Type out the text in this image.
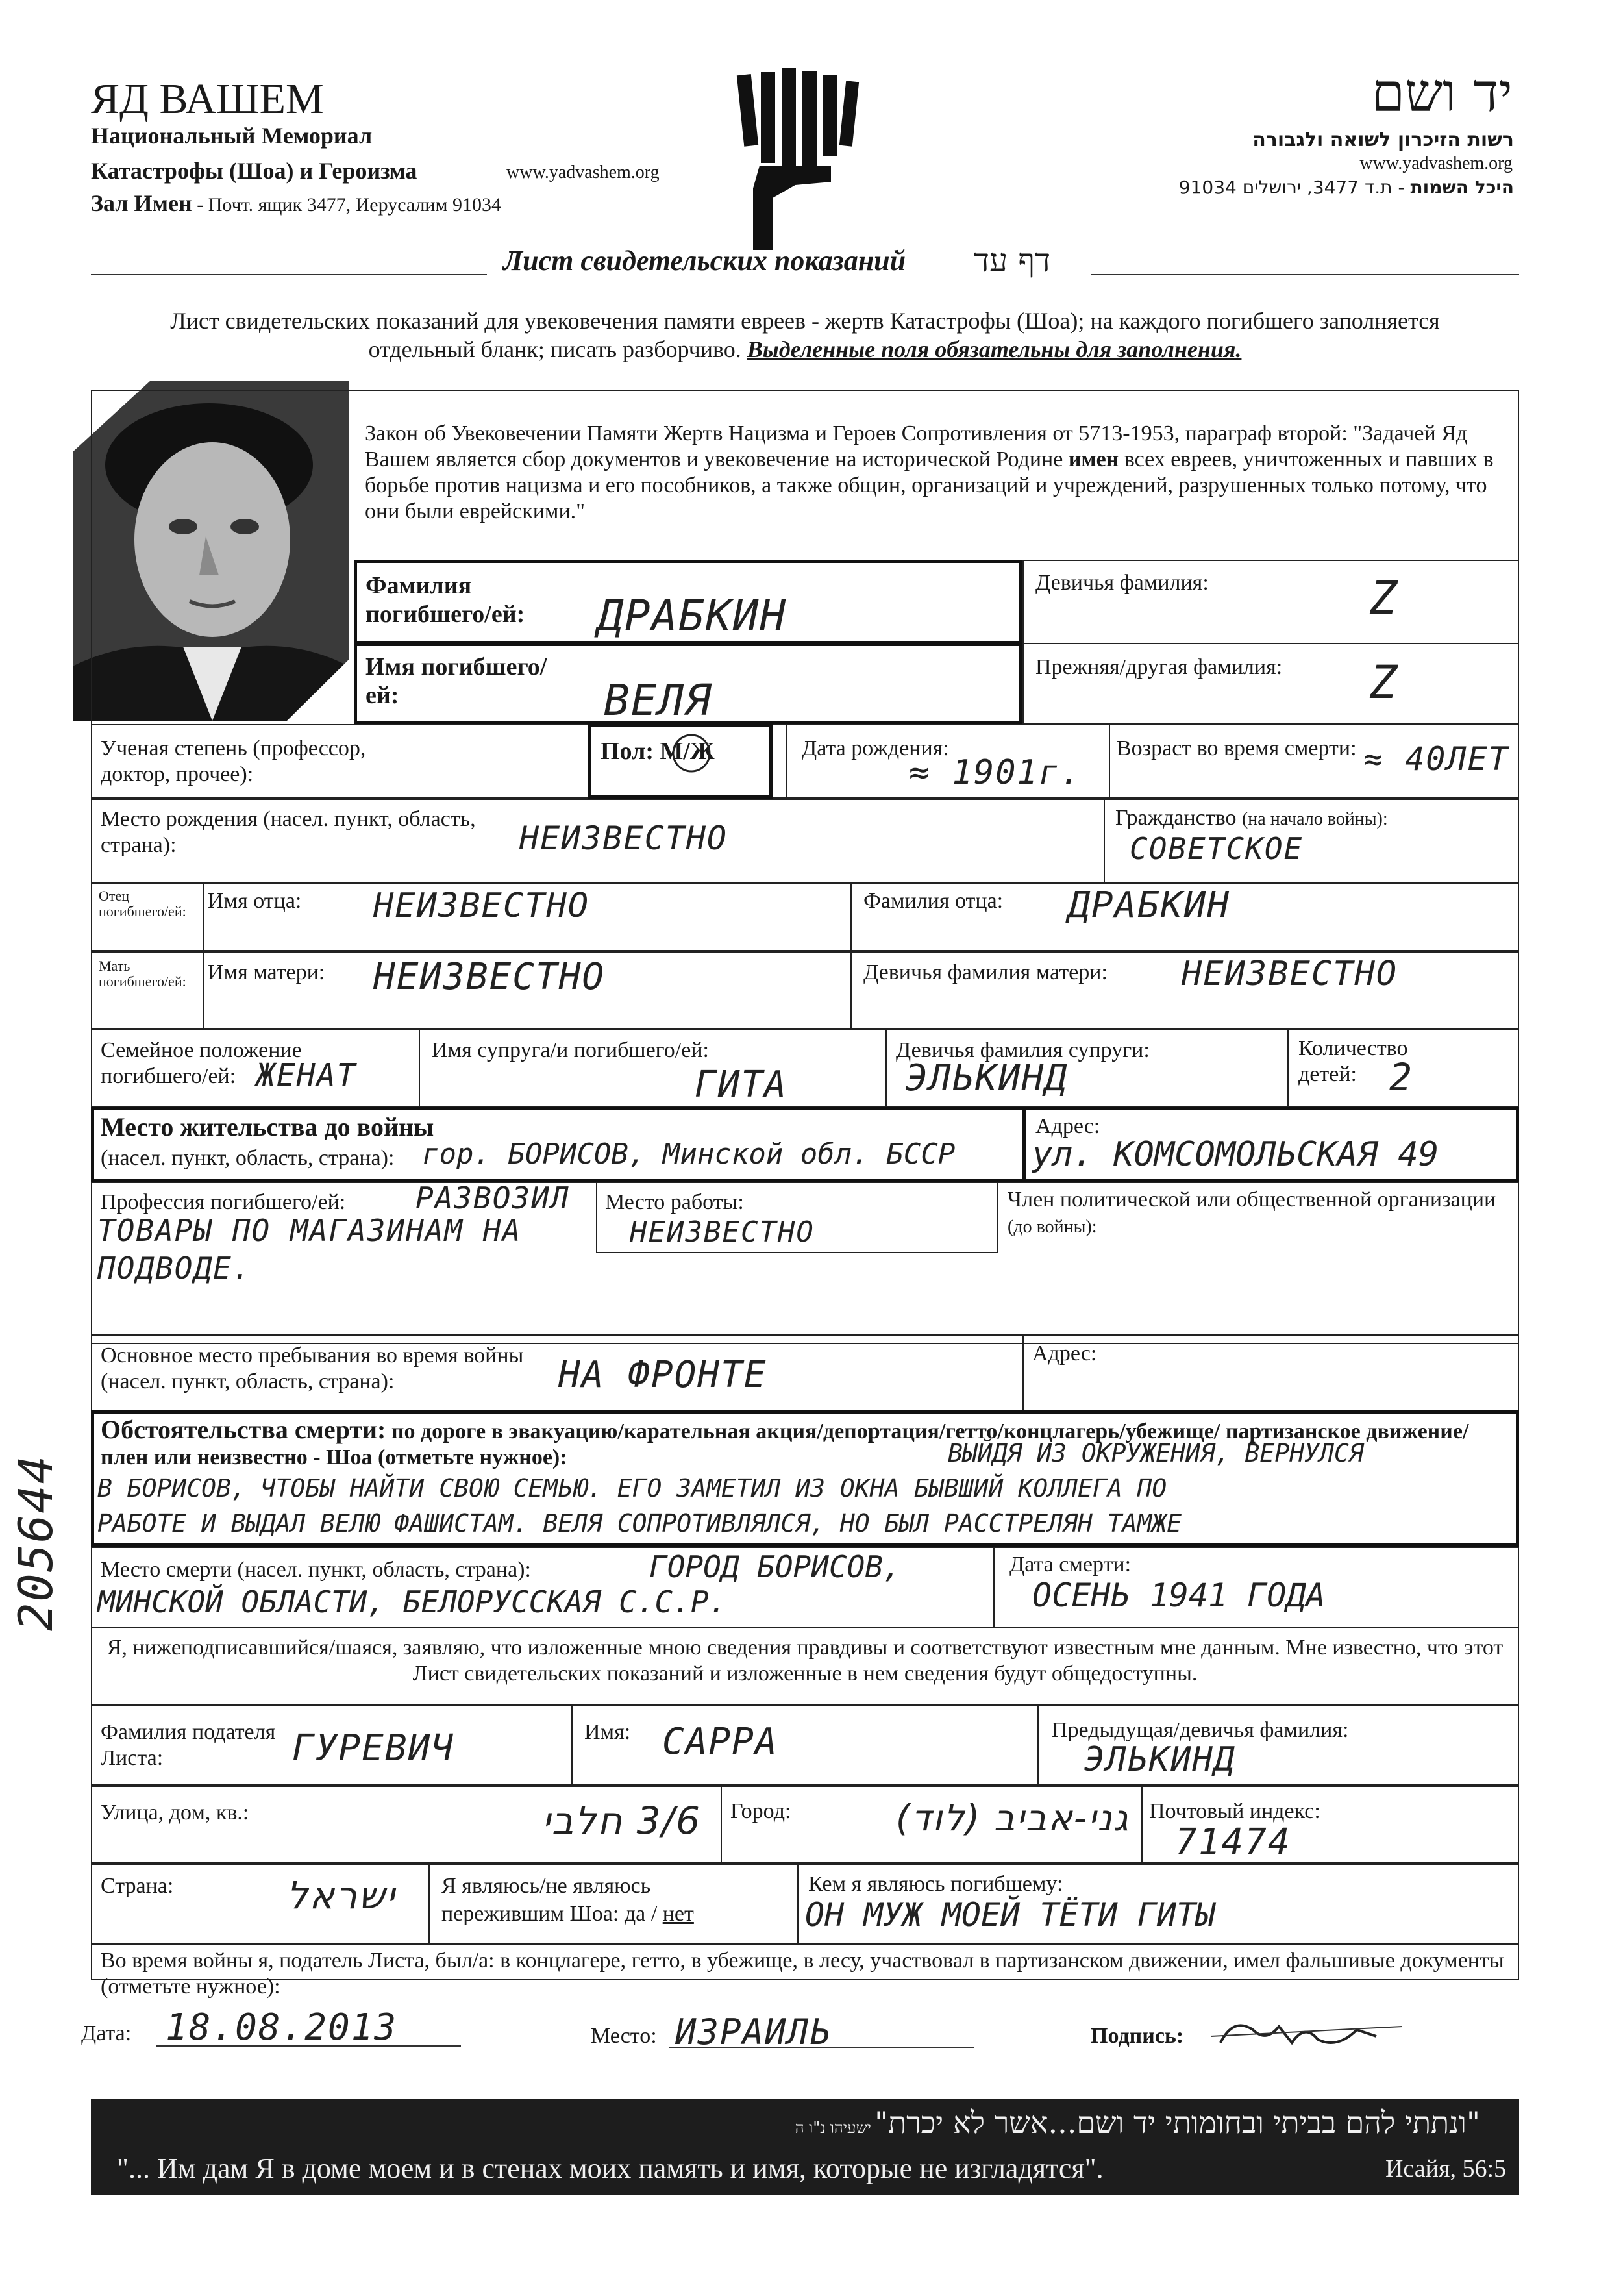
ЯД ВАШЕМ
Национальный Мемориал
Катастрофы (Шоа) и Героизма	www.yadvashem.org
Зал Имен - Почт. ящик 3477, Иерусалим 91034
יד ושם
רשות הזיכרון לשואה ולגבורה
www.yadvashem.org
היכל השמות - ת.ד 3477, ירושלים 91034
Лист свидетельских показаний דף עד
Лист свидетельских показаний для увековечения памяти евреев - жертв Катастрофы (Шоа); на каждого погибшего заполняется отдельный бланк; писать разборчиво. Выделенные поля обязательны для заполнения.
Закон об Увековечении Памяти Жертв Нацизма и Героев Сопротивления от 5713-1953, параграф второй: "Задачей Яд Вашем является сбор документов и увековечение на исторической Родине имен всех евреев, уничтоженных и павших в борьбе против нацизма и его пособников, а также общин, организаций и учреждений, разрушенных только потому, что они были еврейскими."
Фамилия погибшего/ей:	ДРАБКИН
Девичья фамилия:	Z
Имя погибшего/ей:	ВЕЛЯ
Прежняя/другая фамилия: Z
Ученая степень (профессор, доктор, прочее):
Пол: М/Ж	Дата рождения:
≈ 1901г.
Возраст во время смерти: ≈ 40ЛЕТ
Место рождения (насел. пункт, область, страна):	НЕИЗВЕСТНО
Гражданство (на начало войны):
СОВЕТСКОЕ
Отец погибшего/ей: Имя отца: НЕИЗВЕСТНО	Фамилия отца: ДРАБКИН
Мать погибшего/ей: Имя матери: НЕИЗВЕСТНО	Девичья фамилия матери: НЕИЗВЕСТНО
Семейное положение погибшего/ей: ЖЕНАТ
Имя супруга/и погибшего/ей:
ГИТА
Девичья фамилия супруги:
ЭЛЬКИНД
Количество детей: 2
Место жительства до войны
(насел. пункт, область, страна): гор. БОРИСОВ, Минской обл. БССР
Адрес:
ул. КОМСОМОЛЬСКАЯ 49
Профессия погибшего/ей: РАЗВОЗИЛ
ТОВАРЫ ПО МАГАЗИНАМ НА
ПОДВОДЕ.
Место работы:
НЕИЗВЕСТНО
Член политической или общественной организации (до войны):
Основное место пребывания во время войны (насел. пункт, область, страна):	НА ФРОНТЕ
Адрес:
Обстоятельства смерти: по дороге в эвакуацию/карательная акция/депортация/гетто/концлагерь/убежище/ партизанское движение/плен или неизвестно - Шоа (отметьте нужное):	ВЫЙДЯ ИЗ ОКРУЖЕНИЯ, ВЕРНУЛСЯ
В БОРИСОВ, ЧТОБЫ НАЙТИ СВОЮ СЕМЬЮ. ЕГО ЗАМЕТИЛ ИЗ ОКНА БЫВШИЙ КОЛЛЕГА ПО
РАБОТЕ И ВЫДАЛ ВЕЛЮ ФАШИСТАМ. ВЕЛЯ СОПРОТИВЛЯЛСЯ, НО БЫЛ РАССТРЕЛЯН ТАМЖЕ
Место смерти (насел. пункт, область, страна):	ГОРОД БОРИСОВ,
МИНСКОЙ ОБЛАСТИ, БЕЛОРУССКАЯ С.С.Р.
Дата смерти:
ОСЕНЬ 1941 ГОДА
Я, нижеподписавшийся/шаяся, заявляю, что изложенные мною сведения правдивы и соответствуют известным мне данным. Мне известно, что этот Лист свидетельских показаний и изложенные в нем сведения будут общедоступны.
Фамилия подателя Листа:	ГУРЕВИЧ	Имя: САРРА	Предыдущая/девичья фамилия:
ЭЛЬКИНД
Улица, дом, кв.:	3/6 חלבי Город:	גני-אביב (לוד) Почтовый индекс:
71474
Страна:	ישראל Я являюсь/не являюсь
пережившим Шоа: да / нет
Кем я являюсь погибшему:
ОН МУЖ МОЕЙ ТЁТИ ГИТЫ
Во время войны я, податель Листа, был/а: в концлагере, гетто, в убежище, в лесу, участвовал в партизанском движении, имел фальшивые документы (отметьте нужное):
Дата: 18.08.2013	Место: ИЗРАИЛЬ	Подпись:
"ונתתי להם בביתי ובחומותי יד ושם...אשר לא יכרת" ישעיהו נ"ו ה
"... Им дам Я в доме моем и в стенах моих память и имя, которые не изгладятся".	Исайя, 56:5
205644
